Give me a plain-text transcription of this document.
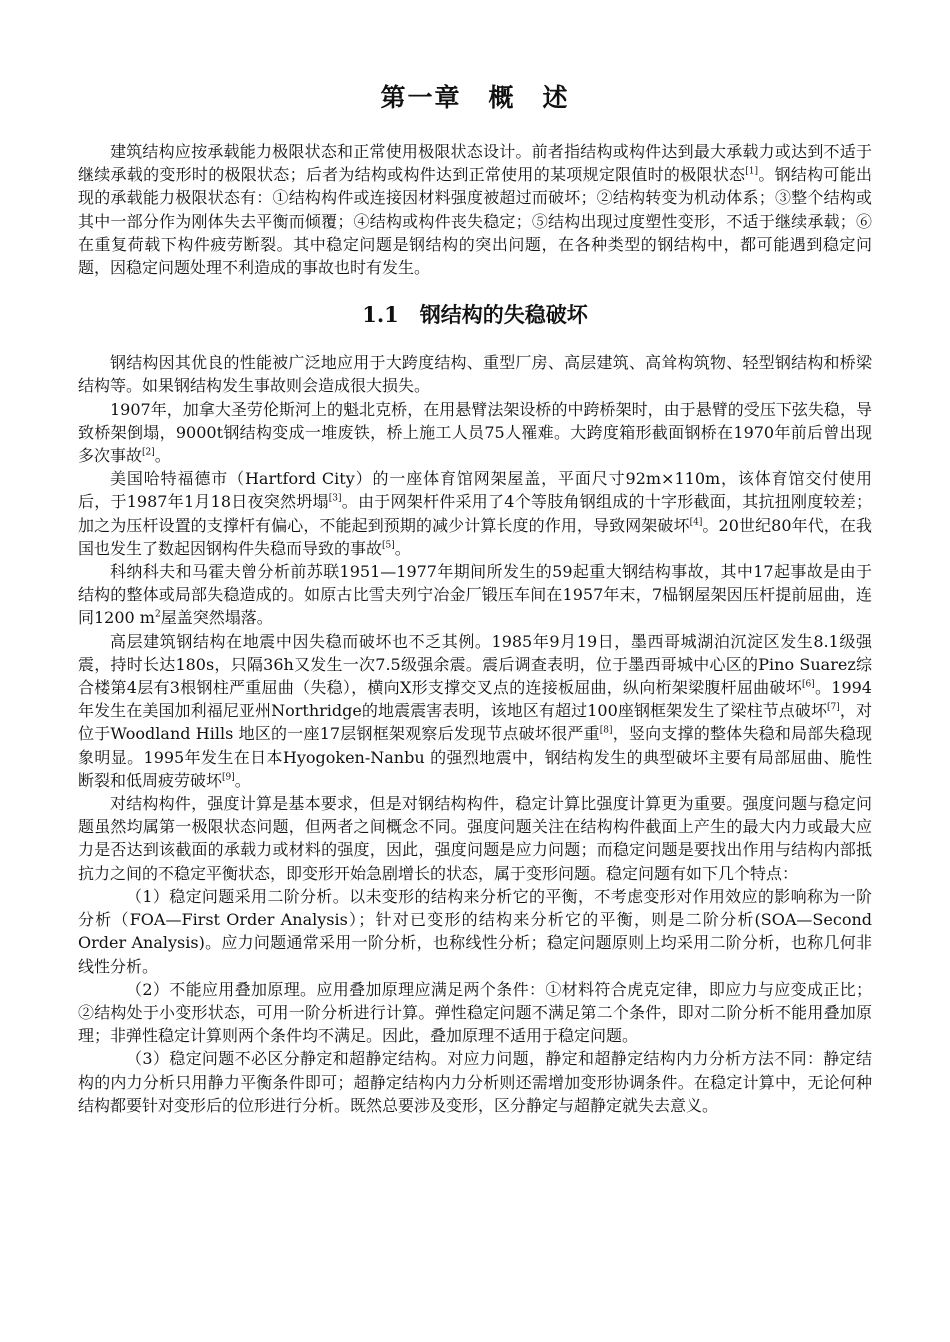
第一章　概　述

建筑结构应按承载能力极限状态和正常使用极限状态设计。前者指结构或构件达到最大承载力或达到不适于继续承载的变形时的极限状态；后者为结构或构件达到正常使用的某项规定限值时的极限状态[1]。钢结构可能出现的承载能力极限状态有：①结构构件或连接因材料强度被超过而破坏；②结构转变为机动体系；③整个结构或其中一部分作为刚体失去平衡而倾覆；④结构或构件丧失稳定；⑤结构出现过度塑性变形，不适于继续承载；⑥在重复荷载下构件疲劳断裂。其中稳定问题是钢结构的突出问题，在各种类型的钢结构中，都可能遇到稳定问题，因稳定问题处理不利造成的事故也时有发生。

1.1　钢结构的失稳破坏

钢结构因其优良的性能被广泛地应用于大跨度结构、重型厂房、高层建筑、高耸构筑物、轻型钢结构和桥梁结构等。如果钢结构发生事故则会造成很大损失。

1907年，加拿大圣劳伦斯河上的魁北克桥，在用悬臂法架设桥的中跨桥架时，由于悬臂的受压下弦失稳，导致桥架倒塌，9000t钢结构变成一堆废铁，桥上施工人员75人罹难。大跨度箱形截面钢桥在1970年前后曾出现多次事故[2]。

美国哈特福德市（Hartford City）的一座体育馆网架屋盖，平面尺寸92m×110m，该体育馆交付使用后，于1987年1月18日夜突然坍塌[3]。由于网架杆件采用了4个等肢角钢组成的十字形截面，其抗扭刚度较差；加之为压杆设置的支撑杆有偏心，不能起到预期的减少计算长度的作用，导致网架破坏[4]。20世纪80年代，在我国也发生了数起因钢构件失稳而导致的事故[5]。

科纳科夫和马霍夫曾分析前苏联1951—1977年期间所发生的59起重大钢结构事故，其中17起事故是由于结构的整体或局部失稳造成的。如原古比雪夫列宁冶金厂锻压车间在1957年末，7榀钢屋架因压杆提前屈曲，连同1200 $m^2$屋盖突然塌落。

高层建筑钢结构在地震中因失稳而破坏也不乏其例。1985年9月19日，墨西哥城湖泊沉淀区发生8.1级强震，持时长达180s，只隔36h又发生一次7.5级强余震。震后调查表明，位于墨西哥城中心区的Pino Suarez综合楼第4层有3根钢柱严重屈曲（失稳），横向X形支撑交叉点的连接板屈曲，纵向桁架梁腹杆屈曲破坏[6]。1994年发生在美国加利福尼亚州Northridge的地震震害表明，该地区有超过100座钢框架发生了梁柱节点破坏[7]，对位于Woodland Hills 地区的一座17层钢框架观察后发现节点破坏很严重[8]，竖向支撑的整体失稳和局部失稳现象明显。1995年发生在日本Hyogoken-Nanbu 的强烈地震中，钢结构发生的典型破坏主要有局部屈曲、脆性断裂和低周疲劳破坏[9]。

对结构构件，强度计算是基本要求，但是对钢结构构件，稳定计算比强度计算更为重要。强度问题与稳定问题虽然均属第一极限状态问题，但两者之间概念不同。强度问题关注在结构构件截面上产生的最大内力或最大应力是否达到该截面的承载力或材料的强度，因此，强度问题是应力问题；而稳定问题是要找出作用与结构内部抵抗力之间的不稳定平衡状态，即变形开始急剧增长的状态，属于变形问题。稳定问题有如下几个特点：

（1）稳定问题采用二阶分析。以未变形的结构来分析它的平衡，不考虑变形对作用效应的影响称为一阶分析（FOA—First Order Analysis）；针对已变形的结构来分析它的平衡，则是二阶分析(SOA—Second Order Analysis)。应力问题通常采用一阶分析，也称线性分析；稳定问题原则上均采用二阶分析，也称几何非线性分析。

（2）不能应用叠加原理。应用叠加原理应满足两个条件：①材料符合虎克定律，即应力与应变成正比；②结构处于小变形状态，可用一阶分析进行计算。弹性稳定问题不满足第二个条件，即对二阶分析不能用叠加原理；非弹性稳定计算则两个条件均不满足。因此，叠加原理不适用于稳定问题。

（3）稳定问题不必区分静定和超静定结构。对应力问题，静定和超静定结构内力分析方法不同：静定结构的内力分析只用静力平衡条件即可；超静定结构内力分析则还需增加变形协调条件。在稳定计算中，无论何种结构都要针对变形后的位形进行分析。既然总要涉及变形，区分静定与超静定就失去意义。
